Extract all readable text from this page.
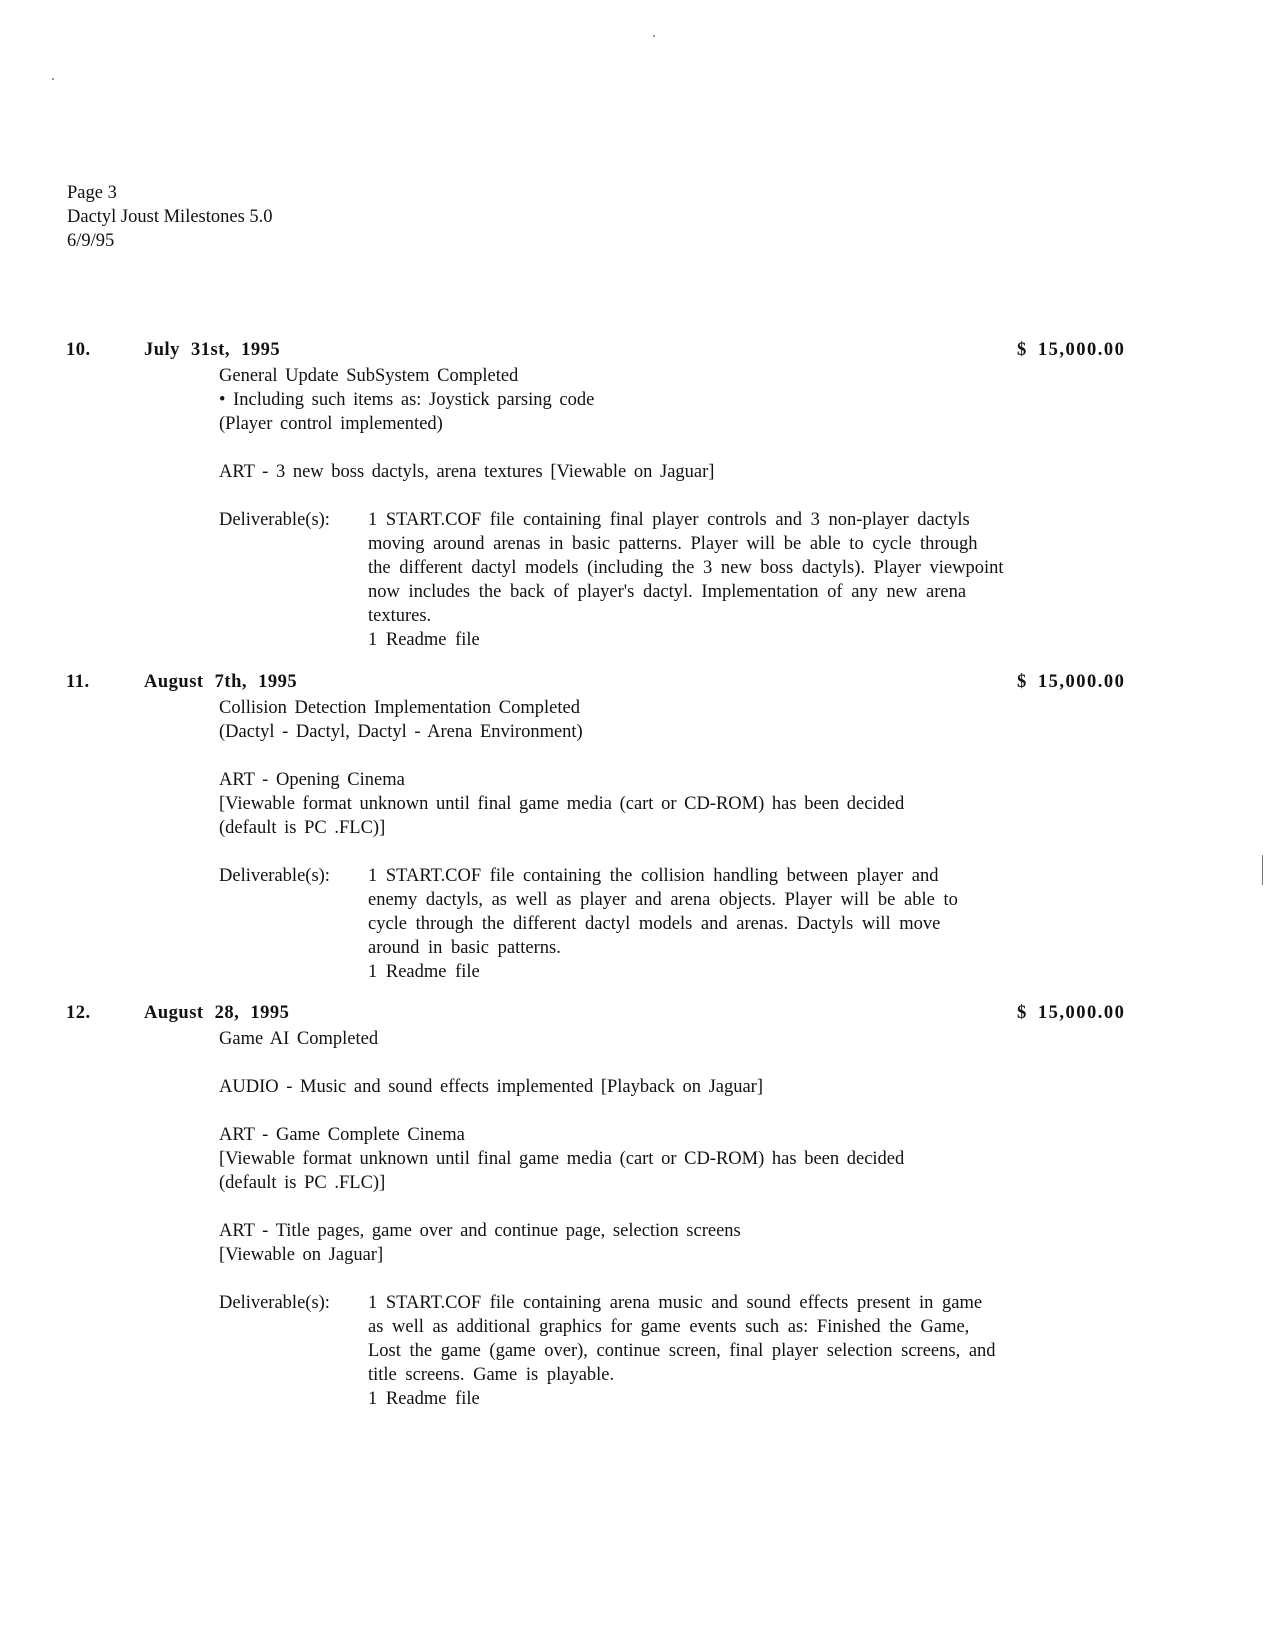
Page 3
Dactyl Joust Milestones 5.0
6/9/95
10.	July 31st, 1995	$ 15,000.00
General Update SubSystem Completed
• Including such items as: Joystick parsing code
(Player control implemented)
ART - 3 new boss dactyls, arena textures [Viewable on Jaguar]
Deliverable(s): 1 START.COF file containing final player controls and 3 non-player dactyls
moving around arenas in basic patterns. Player will be able to cycle through
the different dactyl models (including the 3 new boss dactyls). Player viewpoint
now includes the back of player's dactyl. Implementation of any new arena
textures.
1 Readme file
11.	August 7th, 1995	$ 15,000.00
Collision Detection Implementation Completed
(Dactyl - Dactyl, Dactyl - Arena Environment)
ART - Opening Cinema
[Viewable format unknown until final game media (cart or CD-ROM) has been decided
(default is PC .FLC)]
Deliverable(s): 1 START.COF file containing the collision handling between player and
enemy dactyls, as well as player and arena objects. Player will be able to
cycle through the different dactyl models and arenas. Dactyls will move
around in basic patterns.
1 Readme file
12.	August 28, 1995	$ 15,000.00
Game AI Completed
AUDIO - Music and sound effects implemented [Playback on Jaguar]
ART - Game Complete Cinema
[Viewable format unknown until final game media (cart or CD-ROM) has been decided
(default is PC .FLC)]
ART - Title pages, game over and continue page, selection screens
[Viewable on Jaguar]
Deliverable(s): 1 START.COF file containing arena music and sound effects present in game
as well as additional graphics for game events such as: Finished the Game,
Lost the game (game over), continue screen, final player selection screens, and
title screens. Game is playable.
1 Readme file
